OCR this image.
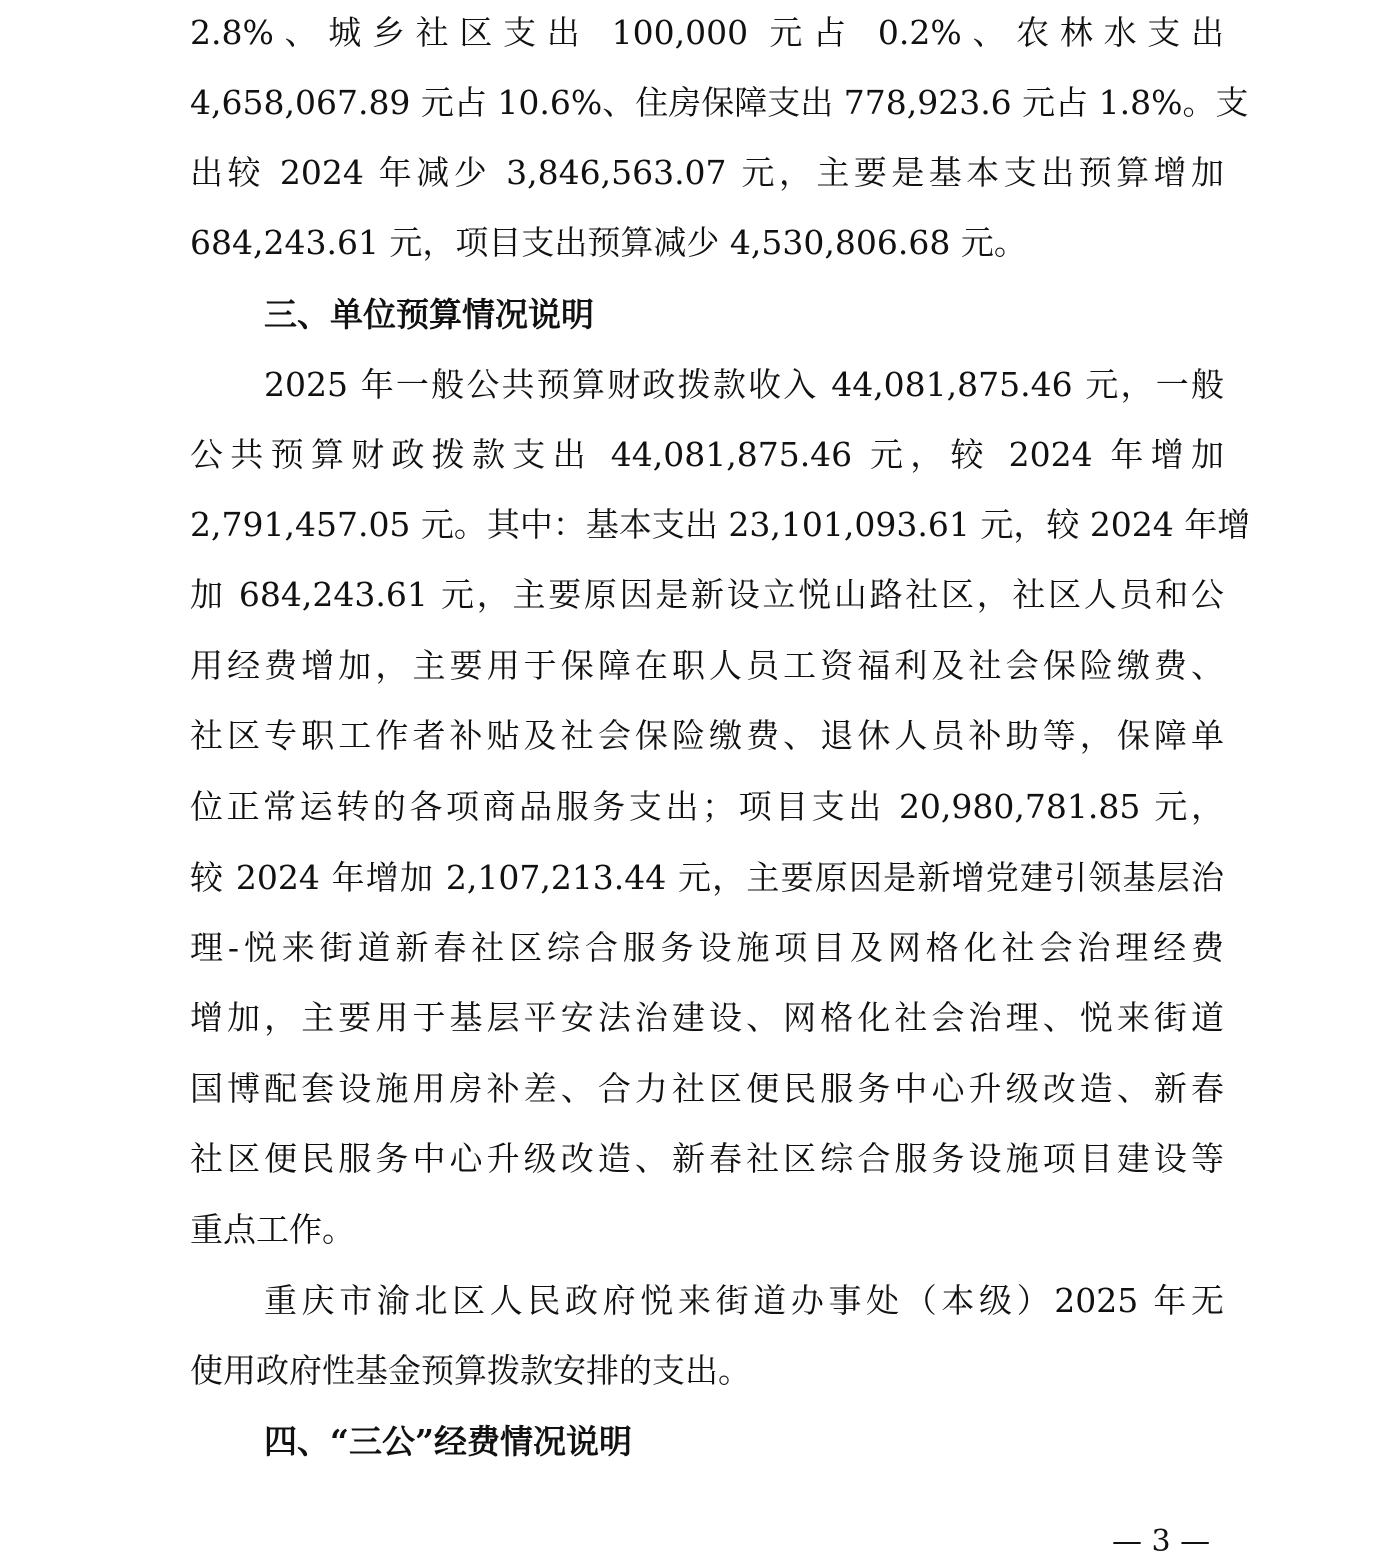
2.8%、城乡社区支出 100,000 元占 0.2%、农林水支出
4,658,067.89 元占 10.6%、住房保障支出 778,923.6 元占 1.8%。支
出较 2024 年减少 3,846,563.07 元，主要是基本支出预算增加
684,243.61 元，项目支出预算减少 4,530,806.68 元。
三、单位预算情况说明
2025 年一般公共预算财政拨款收入 44,081,875.46 元，一般
公共预算财政拨款支出 44,081,875.46 元，较 2024 年增加
2,791,457.05 元。其中：基本支出 23,101,093.61 元，较 2024 年增
加 684,243.61 元，主要原因是新设立悦山路社区，社区人员和公
用经费增加，主要用于保障在职人员工资福利及社会保险缴费、
社区专职工作者补贴及社会保险缴费、退休人员补助等，保障单
位正常运转的各项商品服务支出；项目支出 20,980,781.85 元，
较 2024 年增加 2,107,213.44 元，主要原因是新增党建引领基层治
理-悦来街道新春社区综合服务设施项目及网格化社会治理经费
增加，主要用于基层平安法治建设、网格化社会治理、悦来街道
国博配套设施用房补差、合力社区便民服务中心升级改造、新春
社区便民服务中心升级改造、新春社区综合服务设施项目建设等
重点工作。
重庆市渝北区人民政府悦来街道办事处（本级）2025 年无
使用政府性基金预算拨款安排的支出。
四、“三公”经费情况说明
— 3 —
